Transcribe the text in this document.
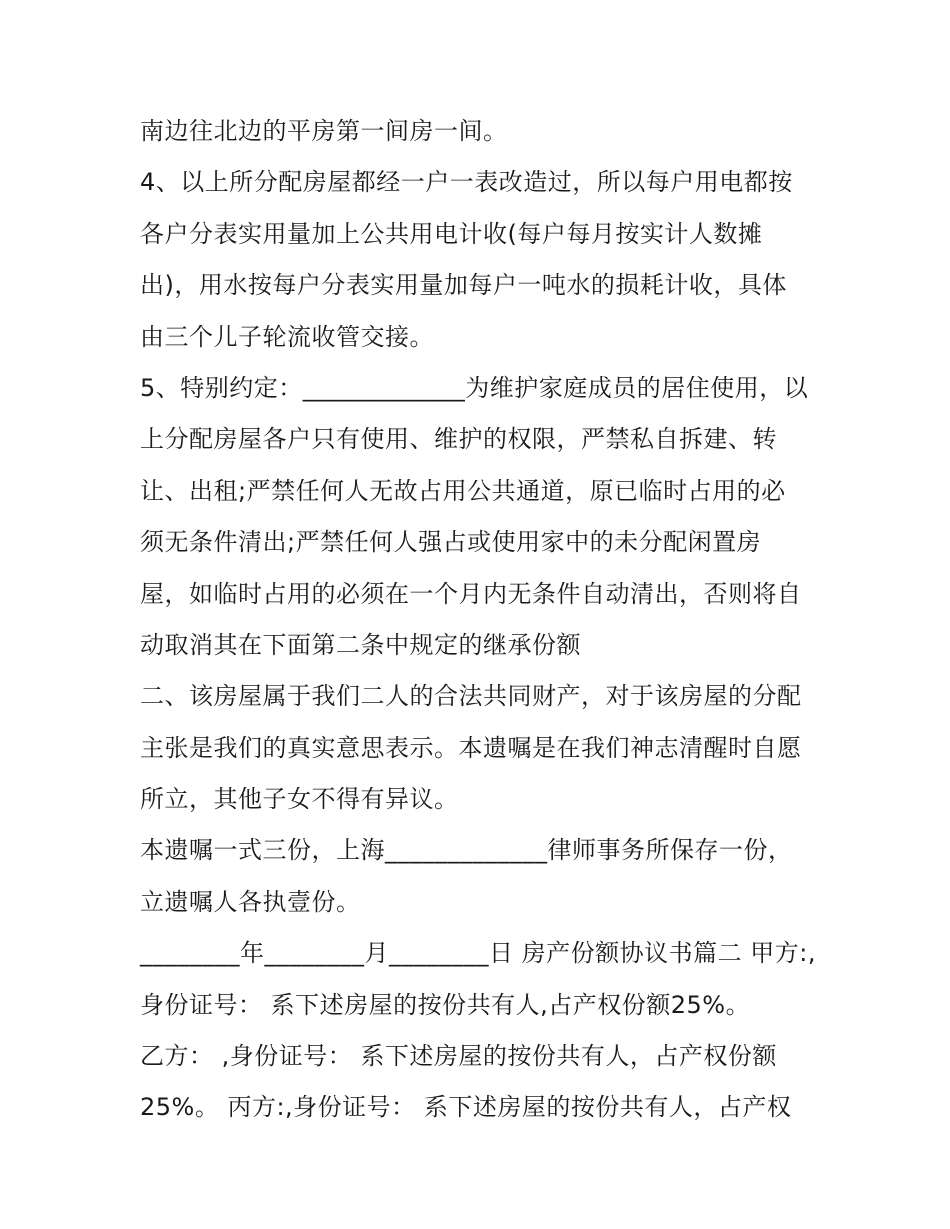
南边往北边的平房第一间房一间。
4、以上所分配房屋都经一户一表改造过，所以每户用电都按
各户分表实用量加上公共用电计收(每户每月按实计人数摊
出)，用水按每户分表实用量加每户一吨水的损耗计收，具体
由三个儿子轮流收管交接。
5、特别约定：_____________为维护家庭成员的居住使用，以
上分配房屋各户只有使用、维护的权限，严禁私自拆建、转
让、出租;严禁任何人无故占用公共通道，原已临时占用的必
须无条件清出;严禁任何人强占或使用家中的未分配闲置房
屋，如临时占用的必须在一个月内无条件自动清出，否则将自
动取消其在下面第二条中规定的继承份额
二、该房屋属于我们二人的合法共同财产，对于该房屋的分配
主张是我们的真实意思表示。本遗嘱是在我们神志清醒时自愿
所立，其他子女不得有异议。
本遗嘱一式三份，上海_____________律师事务所保存一份，
立遗嘱人各执壹份。
________年________月________日 房产份额协议书篇二 甲方:,
身份证号： 系下述房屋的按份共有人,占产权份额25%。
乙方： ,身份证号： 系下述房屋的按份共有人，占产权份额
25%。 丙方:,身份证号： 系下述房屋的按份共有人，占产权
